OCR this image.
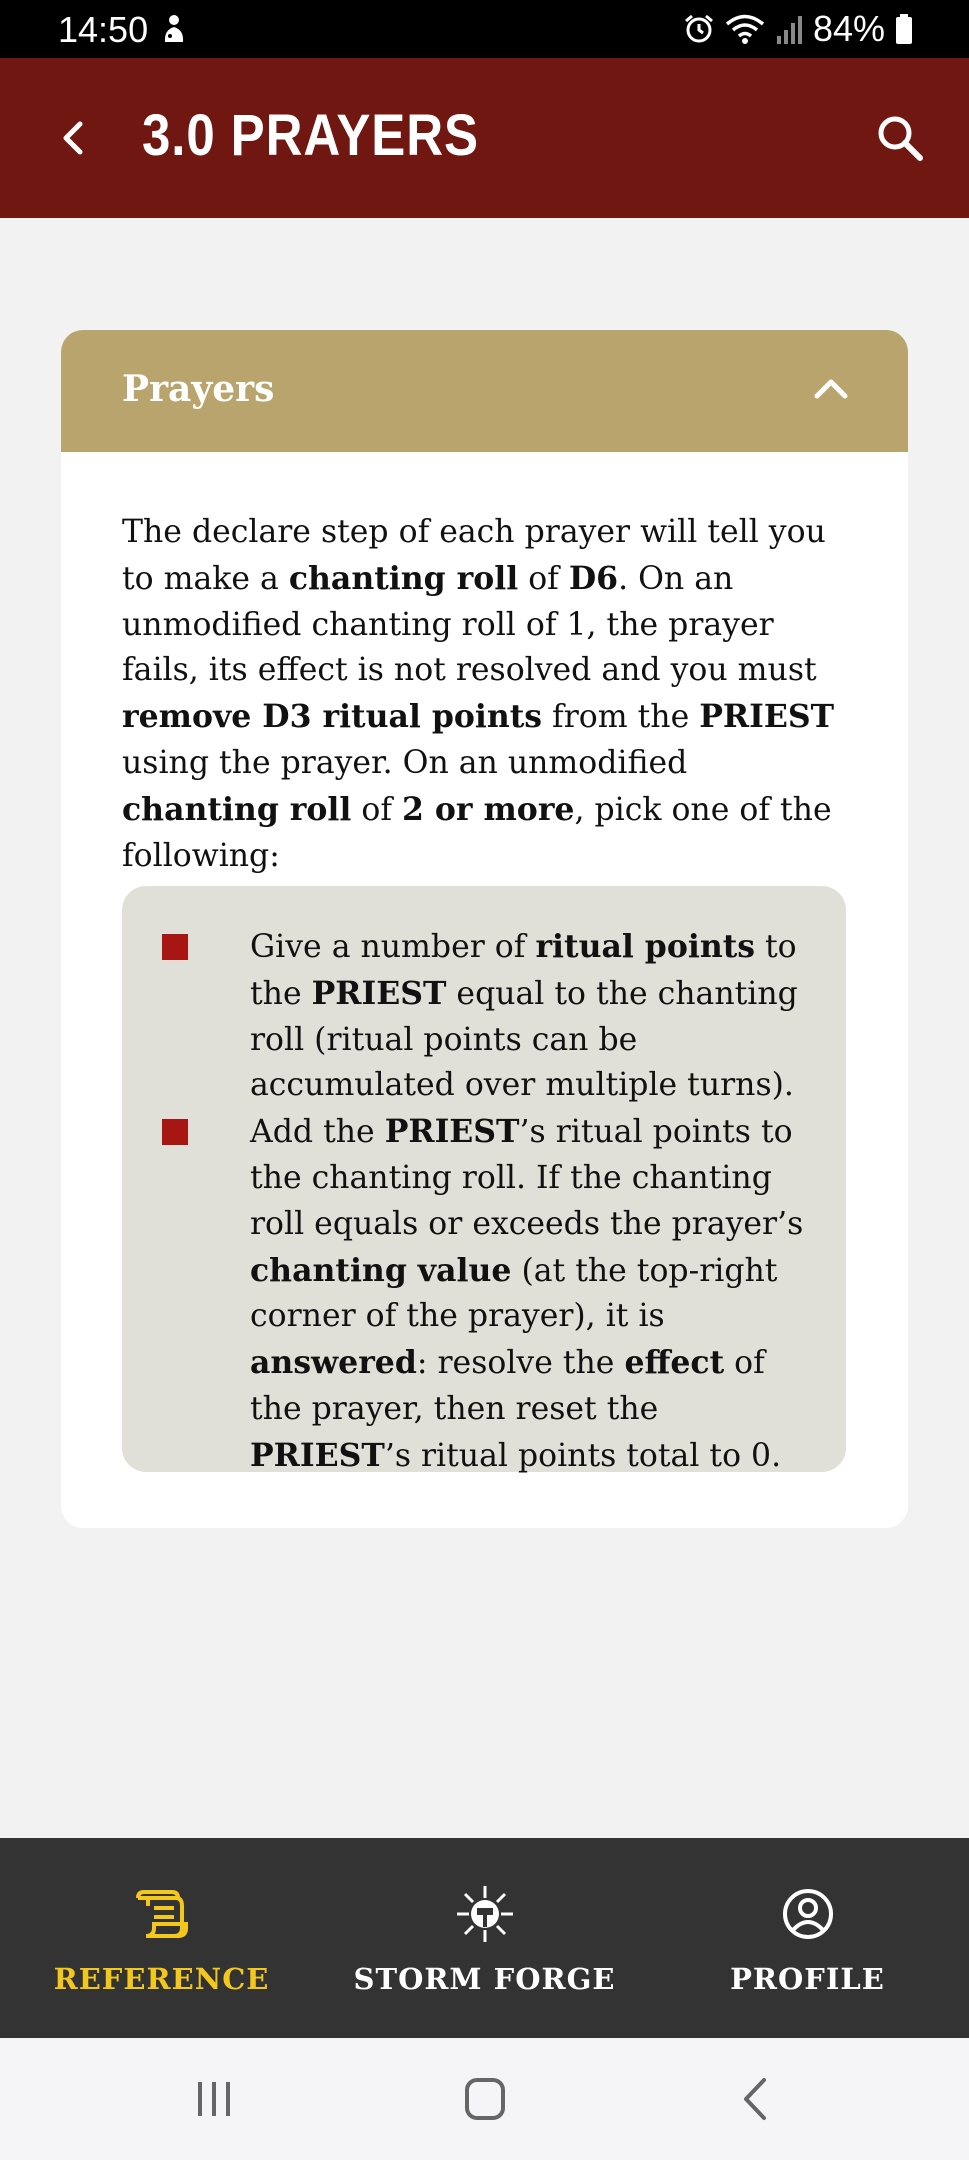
14:50	84%
3.0 PRAYERS
Prayers

The declare step of each prayer will tell you to make a chanting roll of D6. On an unmodified chanting roll of 1, the prayer fails, its effect is not resolved and you must remove D3 ritual points from the PRIEST using the prayer. On an unmodified chanting roll of 2 or more, pick one of the following:

Give a number of ritual points to the PRIEST equal to the chanting roll (ritual points can be accumulated over multiple turns).
Add the PRIEST’s ritual points to the chanting roll. If the chanting roll equals or exceeds the prayer’s chanting value (at the top-right corner of the prayer), it is answered: resolve the effect of the prayer, then reset the PRIEST’s ritual points total to 0.
REFERENCE	STORM FORGE	PROFILE
